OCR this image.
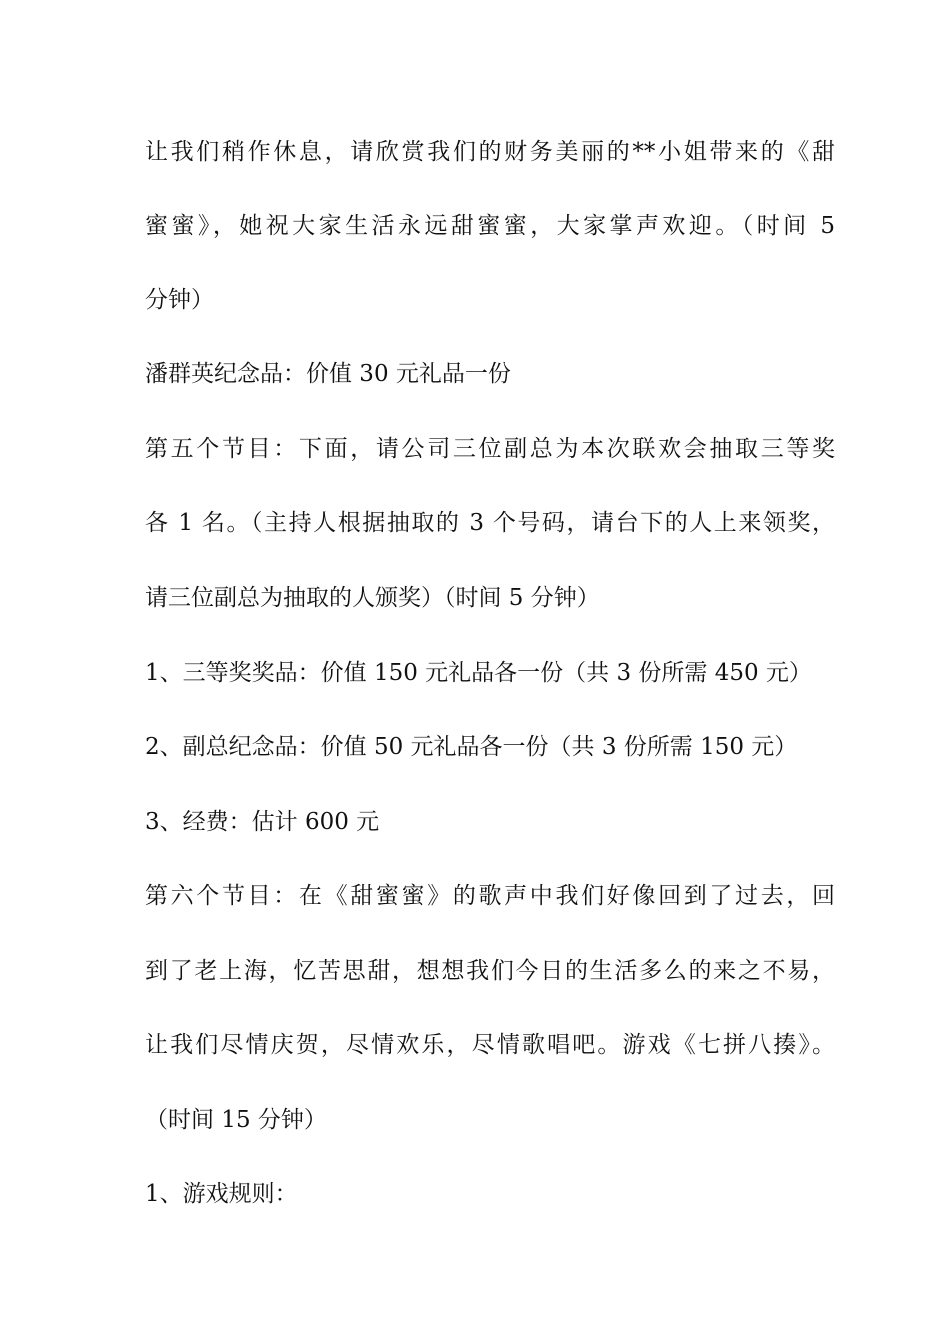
让我们稍作休息，请欣赏我们的财务美丽的**小姐带来的《甜

蜜蜜》，她祝大家生活永远甜蜜蜜，大家掌声欢迎。（时间 5

分钟）

潘群英纪念品：价值 30 元礼品一份

第五个节目：下面，请公司三位副总为本次联欢会抽取三等奖

各 1 名。（主持人根据抽取的 3 个号码，请台下的人上来领奖，

请三位副总为抽取的人颁奖）（时间 5 分钟）

1、三等奖奖品：价值 150 元礼品各一份（共 3 份所需 450 元）

2、副总纪念品：价值 50 元礼品各一份（共 3 份所需 150 元）

3、经费：估计 600 元

第六个节目：在《甜蜜蜜》的歌声中我们好像回到了过去，回

到了老上海，忆苦思甜，想想我们今日的生活多么的来之不易，

让我们尽情庆贺，尽情欢乐，尽情歌唱吧。游戏《七拼八揍》。

（时间 15 分钟）

1、游戏规则：
